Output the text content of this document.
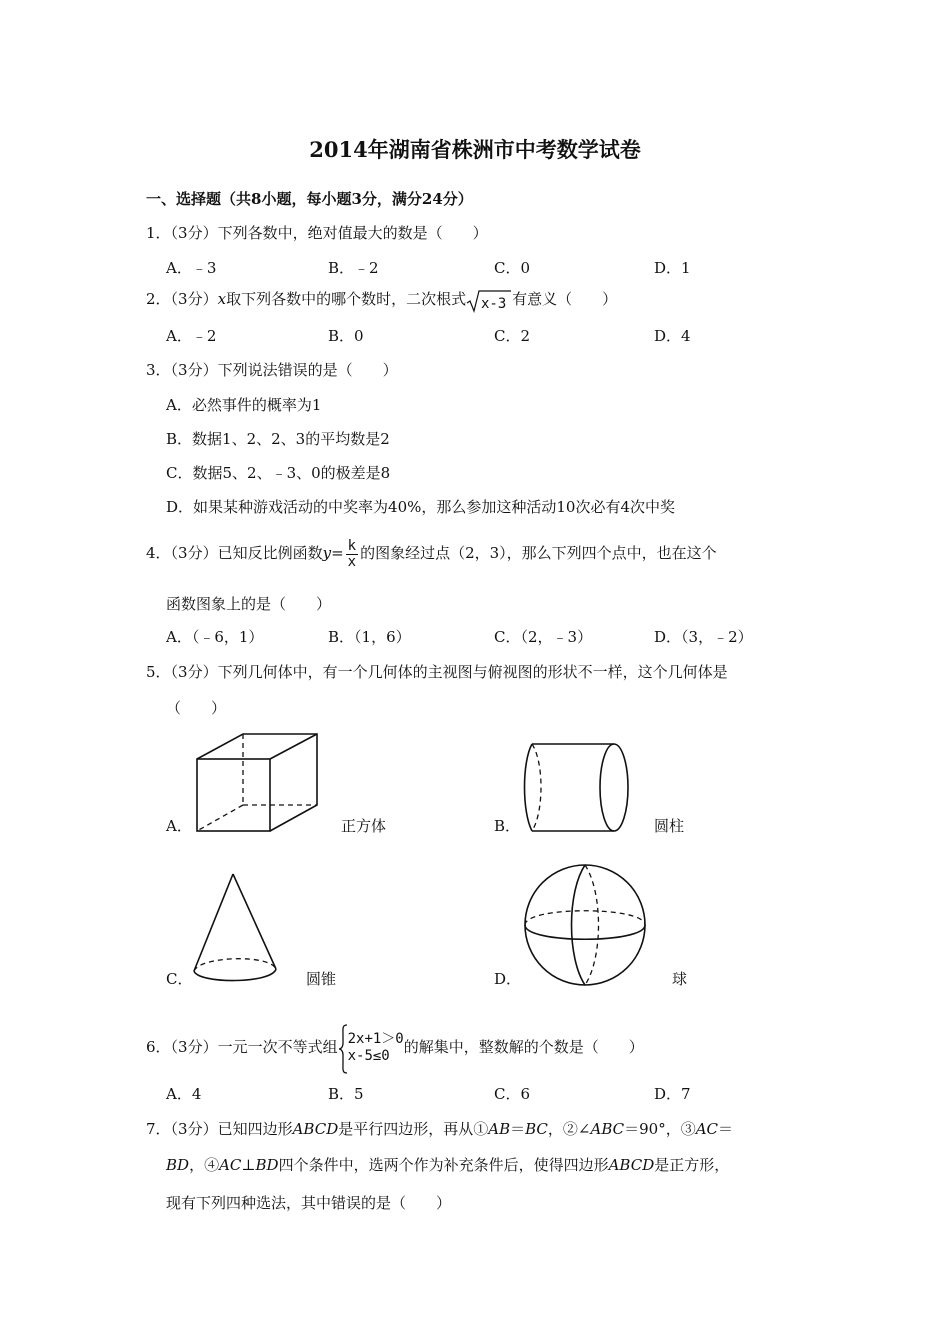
2014年湖南省株洲市中考数学试卷
一、选择题（共8小题，每小题3分，满分24分）
1．（3分）下列各数中，绝对值最大的数是（　　）
A．﹣3	B．﹣2	C．0	D．1
2．（3分）x取下列各数中的哪个数时，二次根式 x-3 有意义（　　）
A．﹣2	B．0	C．2	D．4
3．（3分）下列说法错误的是（　　）
A．必然事件的概率为1
B．数据1、2、2、3的平均数是2
C．数据5、2、﹣3、0的极差是8
D．如果某种游戏活动的中奖率为40%，那么参加这种活动10次必有4次中奖
4．（3分）已知反比例函数$y= \frac{k}{x}$ 的图象经过点（2，3），那么下列四个点中，也在这个
函数图象上的是（　　）
A．（﹣6，1）	B．（1，6）	C．（2，﹣3）	D．（3，﹣2）
5．（3分）下列几何体中，有一个几何体的主视图与俯视图的形状不一样，这个几何体是
（　　）
A．	正方体	B．	圆柱
C．	圆锥	D．	球
6．（3分）一元一次不等式组 2x+1＞0
x-5≤0 的解集中，整数解的个数是（　　）
A．4	B．5	C．6	D．7
7．（3分）已知四边形ABCD是平行四边形，再从①AB＝BC，②∠ABC＝90°，③AC＝
BD，④AC⊥BD四个条件中，选两个作为补充条件后，使得四边形ABCD是正方形，
现有下列四种选法，其中错误的是（　　）
